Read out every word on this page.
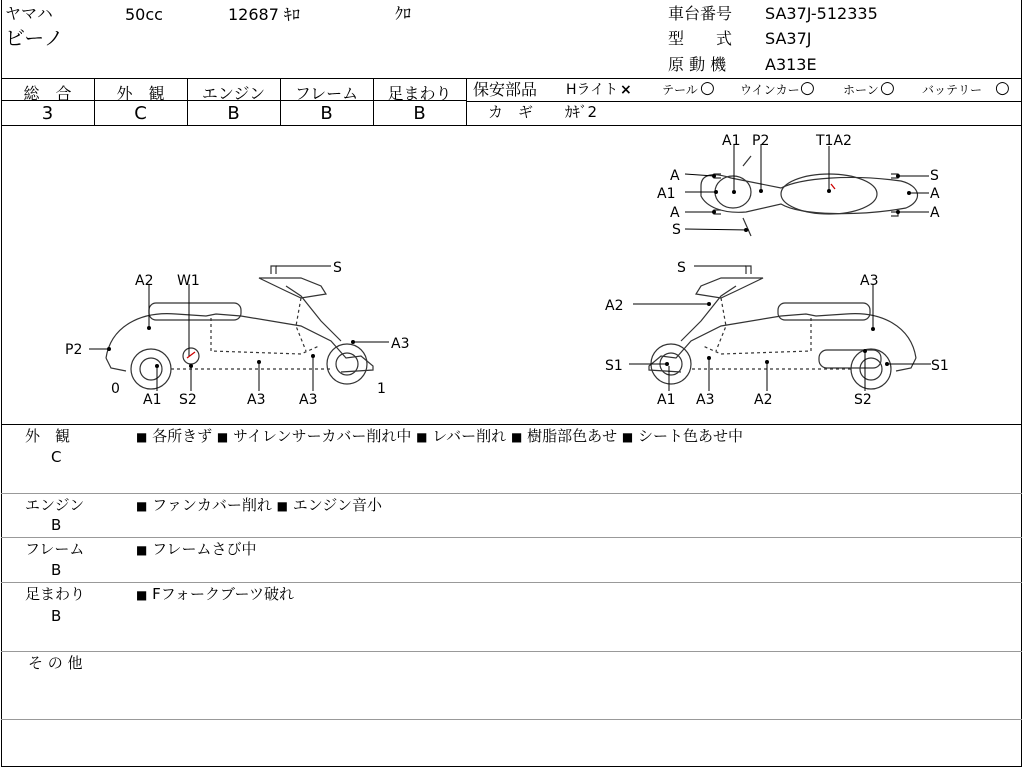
ヤマハ	50cc	12687 ｷﾛ	ｸﾛ
ビーノ
車台番号 SA37J-512335
型　　式 SA37J
原 動 機 A313E
総　合	外　観	エンジン	フレーム	足まわり
3	C	B	B	B
保安部品 Hライト ×	テール ○ ウインカー ○ ホーン ○ バッテリー ○
カ　ギ ｶｷﾞ2
A2 W1
S
P2	A3
0
A1 S2	A3 A3
1
A1 P2	T1A2
A
A1
A
S
S
A
A
S
A3
A2
S1	S1
A1 A3	A2	S2
外　観
C
■ 各所きず ■ サイレンサーカバー削れ中 ■ レバー削れ ■ 樹脂部色あせ ■ シート色あせ中
エンジン
B
■ ファンカバー削れ ■ エンジン音小
フレーム
B
■ フレームさび中
足まわり
B
■ Fフォークブーツ破れ
そ の 他
